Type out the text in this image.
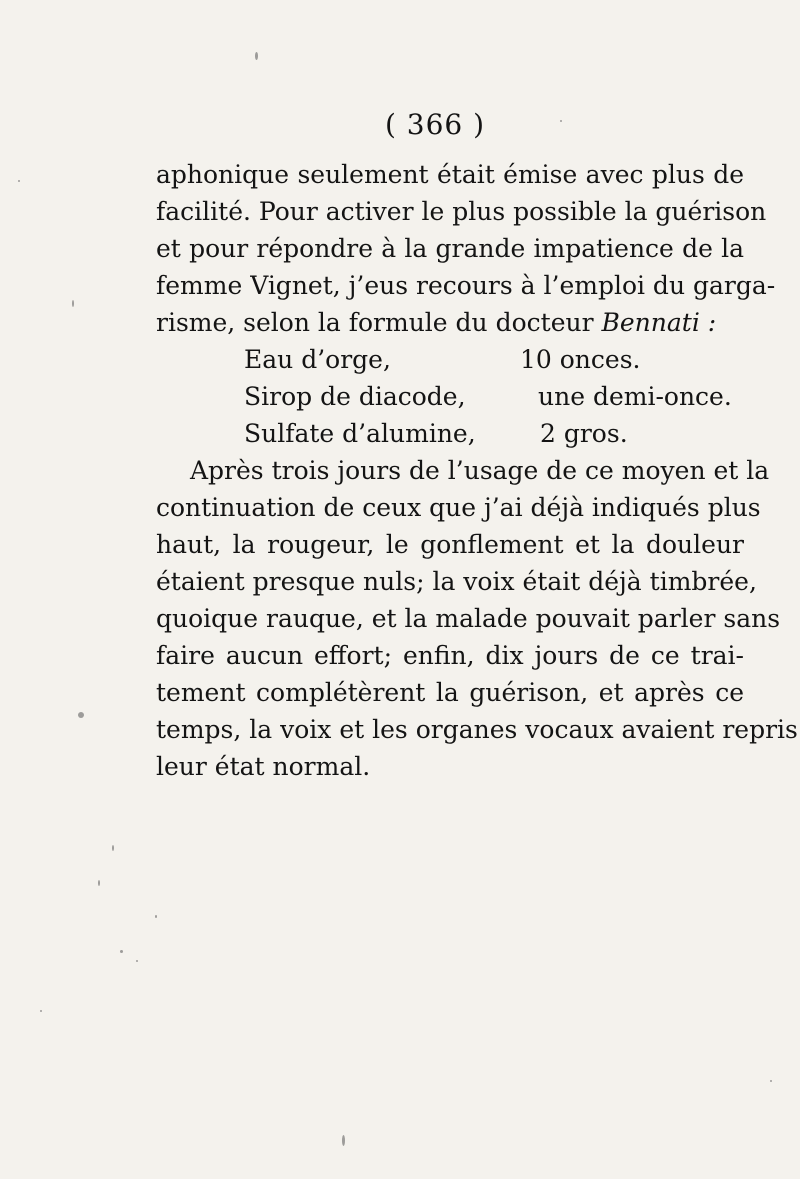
( 366 )
aphonique seulement était émise avec plus de
facilité. Pour activer le plus possible la guérison
et pour répondre à la grande impatience de la
femme Vignet, j’eus recours à l’emploi du garga-
risme, selon la formule du docteur Bennati :
Eau d’orge,	10 onces.
Sirop de diacode,	une demi-once.
Sulfate d’alumine,	2 gros.
Après trois jours de l’usage de ce moyen et la
continuation de ceux que j’ai déjà indiqués plus
haut, la rougeur, le gonflement et la douleur
étaient presque nuls; la voix était déjà timbrée,
quoique rauque, et la malade pouvait parler sans
faire aucun effort; enfin, dix jours de ce trai-
tement complétèrent la guérison, et après ce
temps, la voix et les organes vocaux avaient repris
leur état normal.
